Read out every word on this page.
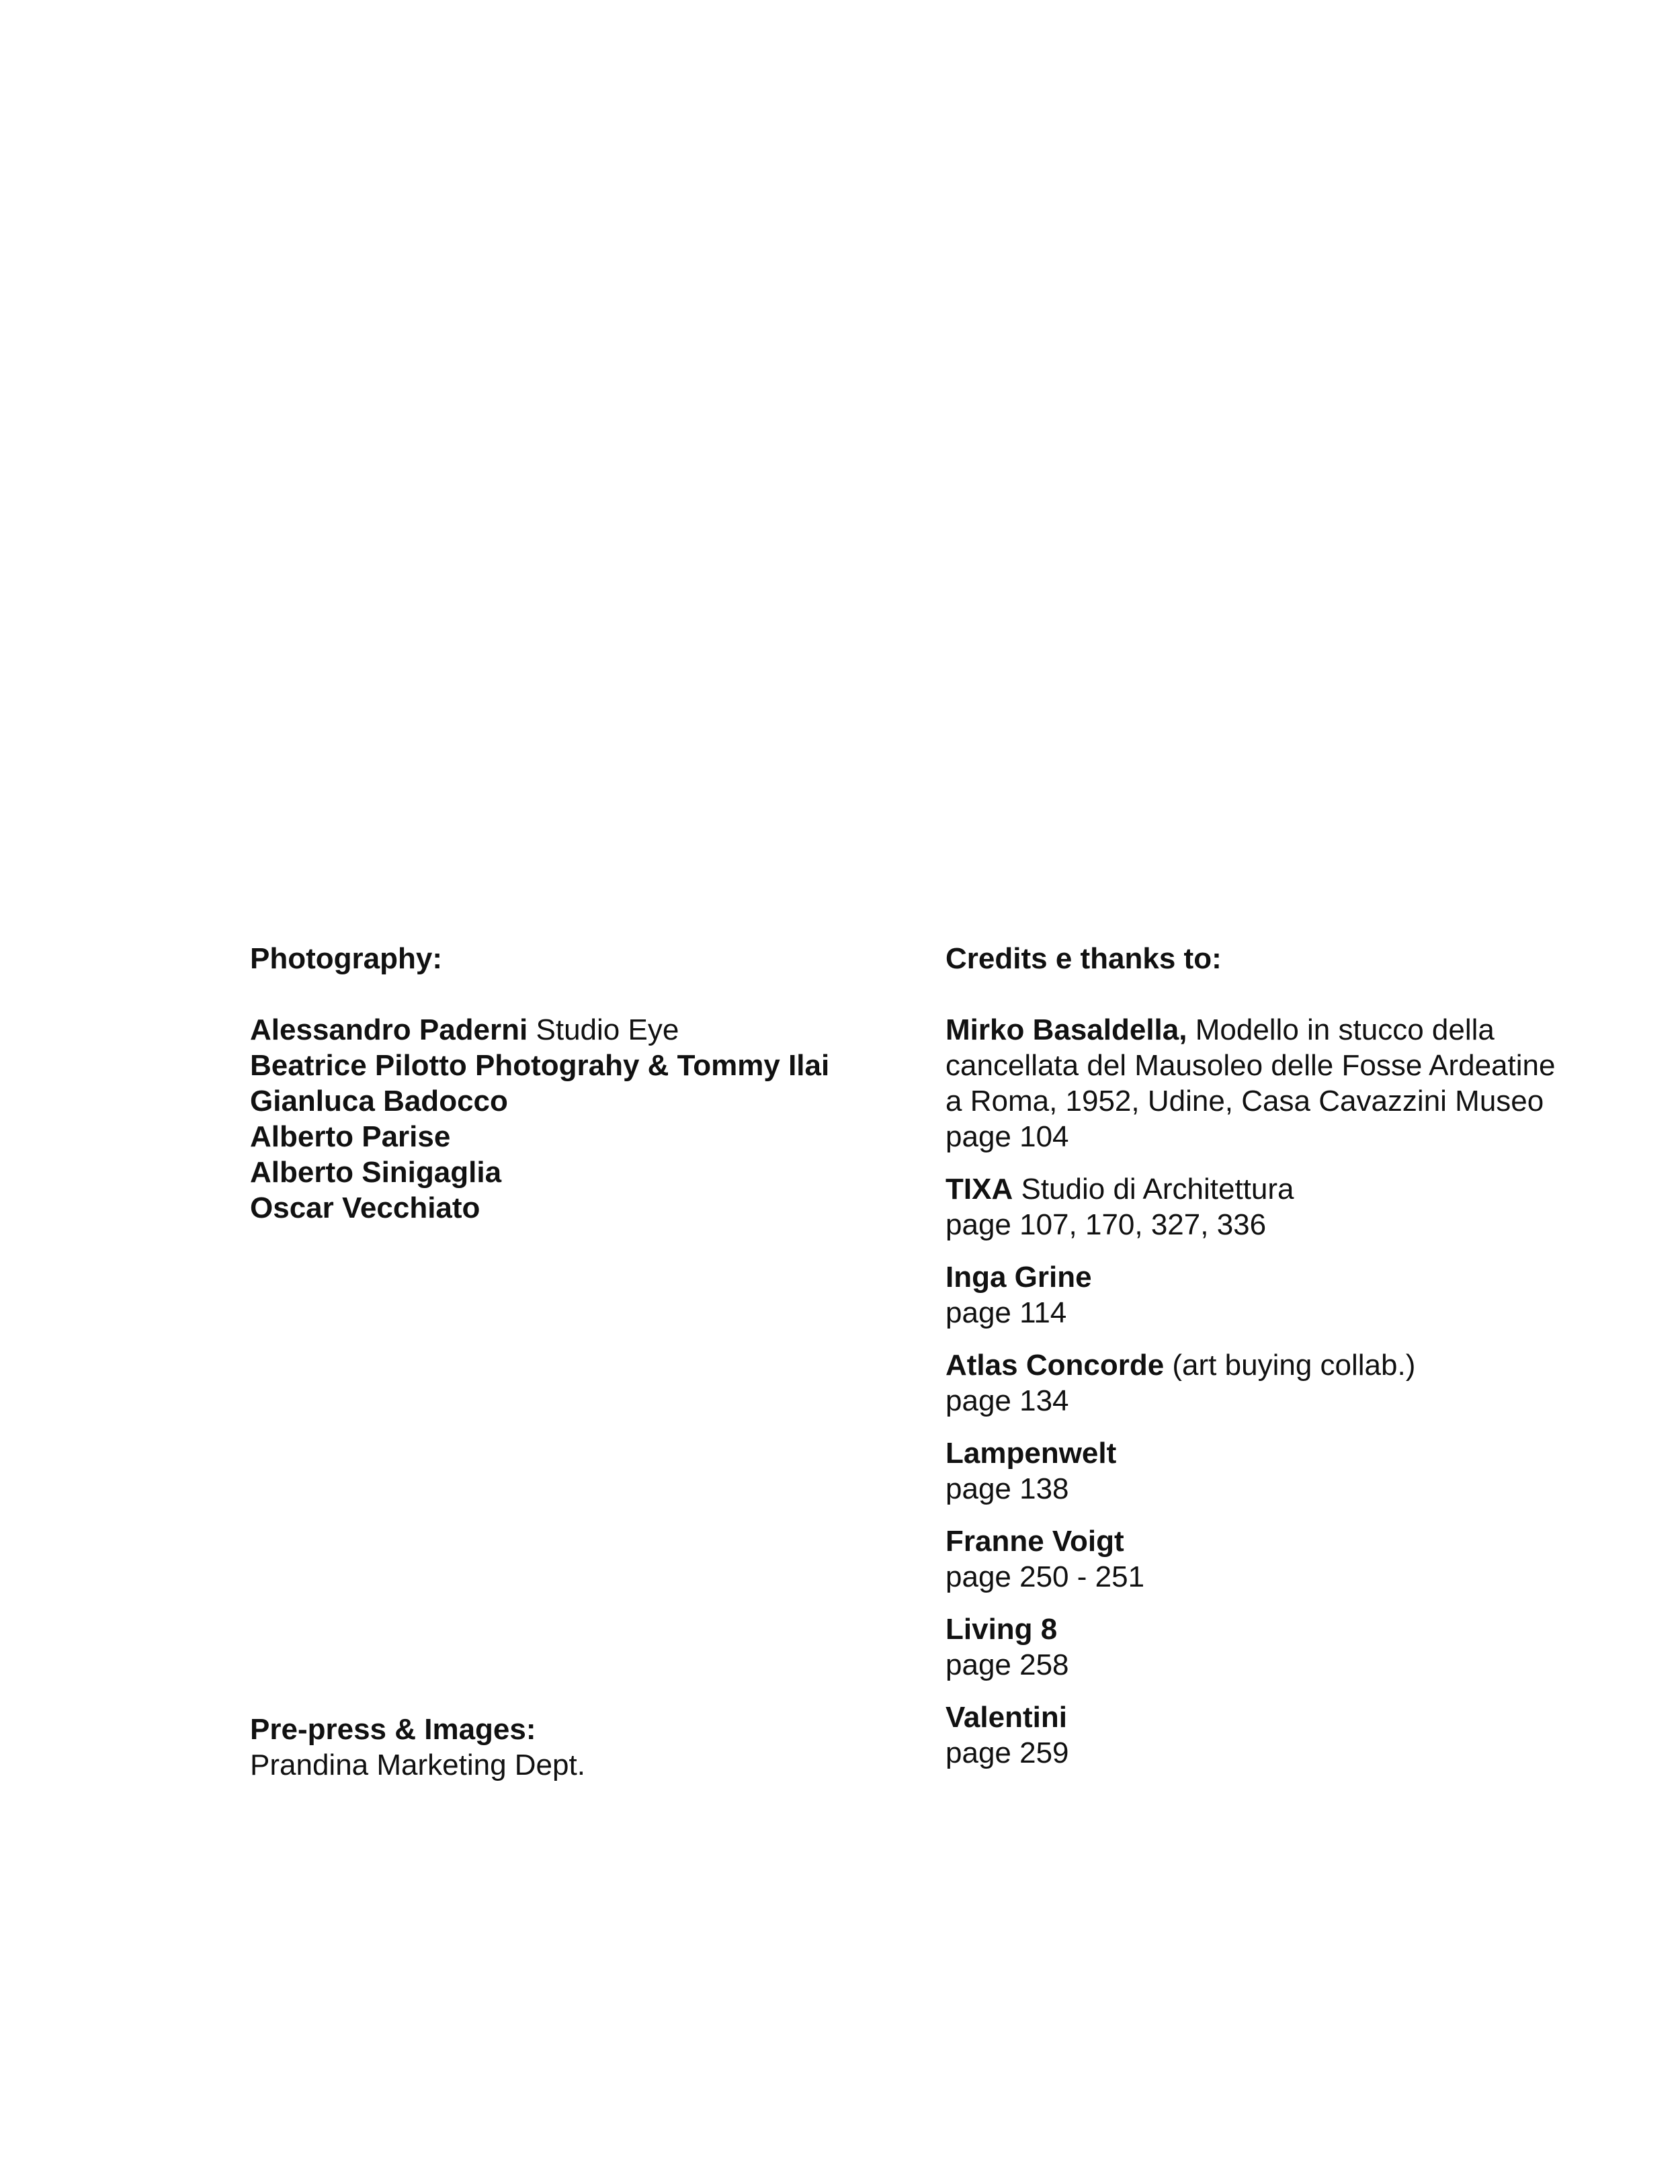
Photography:

Alessandro Paderni Studio Eye

Beatrice Pilotto Photograhy & Tommy Ilai

Gianluca Badocco

Alberto Parise

Alberto Sinigaglia

Oscar Vecchiato

Pre-press & Images:

Prandina Marketing Dept.

Credits e thanks to:

Mirko Basaldella, Modello in stucco della

cancellata del Mausoleo delle Fosse Ardeatine

a Roma, 1952, Udine, Casa Cavazzini Museo

page 104

TIXA Studio di Architettura

page 107, 170, 327, 336

Inga Grine

page 114

Atlas Concorde (art buying collab.)

page 134

Lampenwelt

page 138

Franne Voigt

page 250 - 251

Living 8

page 258

Valentini

page 259
